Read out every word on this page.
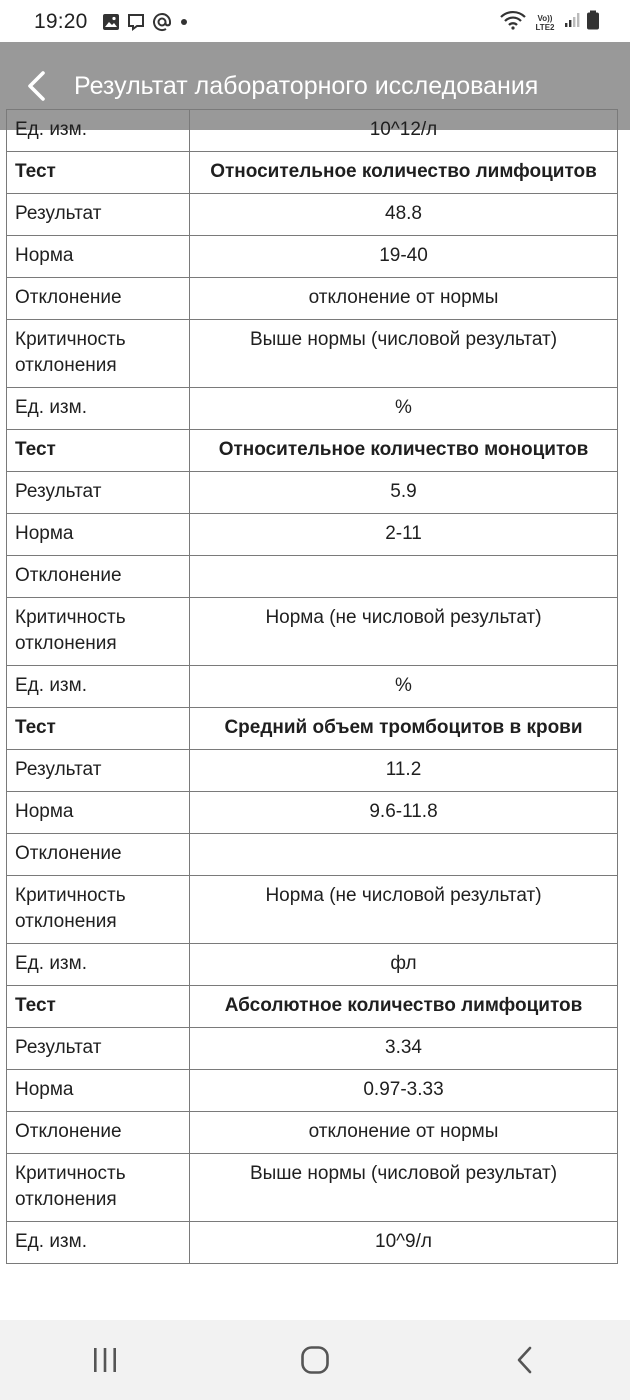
19:20	Vo)) LTE2
Результат лабораторного исследования
Ед. изм.	10^12/л
Тест	Относительное количество лимфоцитов
Результат	48.8
Норма	19-40
Отклонение	отклонение от нормы
Критичность отклонения	Выше нормы (числовой результат)
Ед. изм.	%
Тест	Относительное количество моноцитов
Результат	5.9
Норма	2-11
Отклонение	
Критичность отклонения	Норма (не числовой результат)
Ед. изм.	%
Тест	Средний объем тромбоцитов в крови
Результат	11.2
Норма	9.6-11.8
Отклонение	
Критичность отклонения	Норма (не числовой результат)
Ед. изм.	фл
Тест	Абсолютное количество лимфоцитов
Результат	3.34
Норма	0.97-3.33
Отклонение	отклонение от нормы
Критичность отклонения	Выше нормы (числовой результат)
Ед. изм.	10^9/л
